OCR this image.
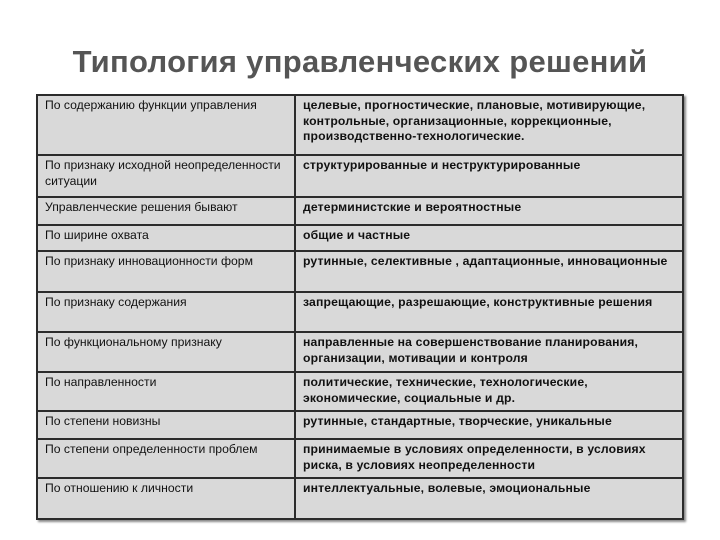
Типология управленческих решений
По содержанию функции управления	целевые, прогностические, плановые, мотивирующие, контрольные, организационные, коррекционные, производственно-технологические.
По признаку исходной неопределенности ситуации	структурированные и неструктурированные
Управленческие решения бывают	детерминистские и вероятностные
По ширине охвата	общие и частные
По признаку инновационности форм	рутинные, селективные , адаптационные, инновационные
По признаку содержания	запрещающие, разрешающие, конструктивные решения
По функциональному признаку	направленные на совершенствование планирования, организации, мотивации и контроля
По направленности	политические, технические, технологические, экономические, социальные и др.
По степени новизны	рутинные, стандартные, творческие, уникальные
По степени определенности проблем	принимаемые в условиях определенности, в условиях риска, в условиях неопределенности
По отношению к личности	интеллектуальные, волевые, эмоциональные
